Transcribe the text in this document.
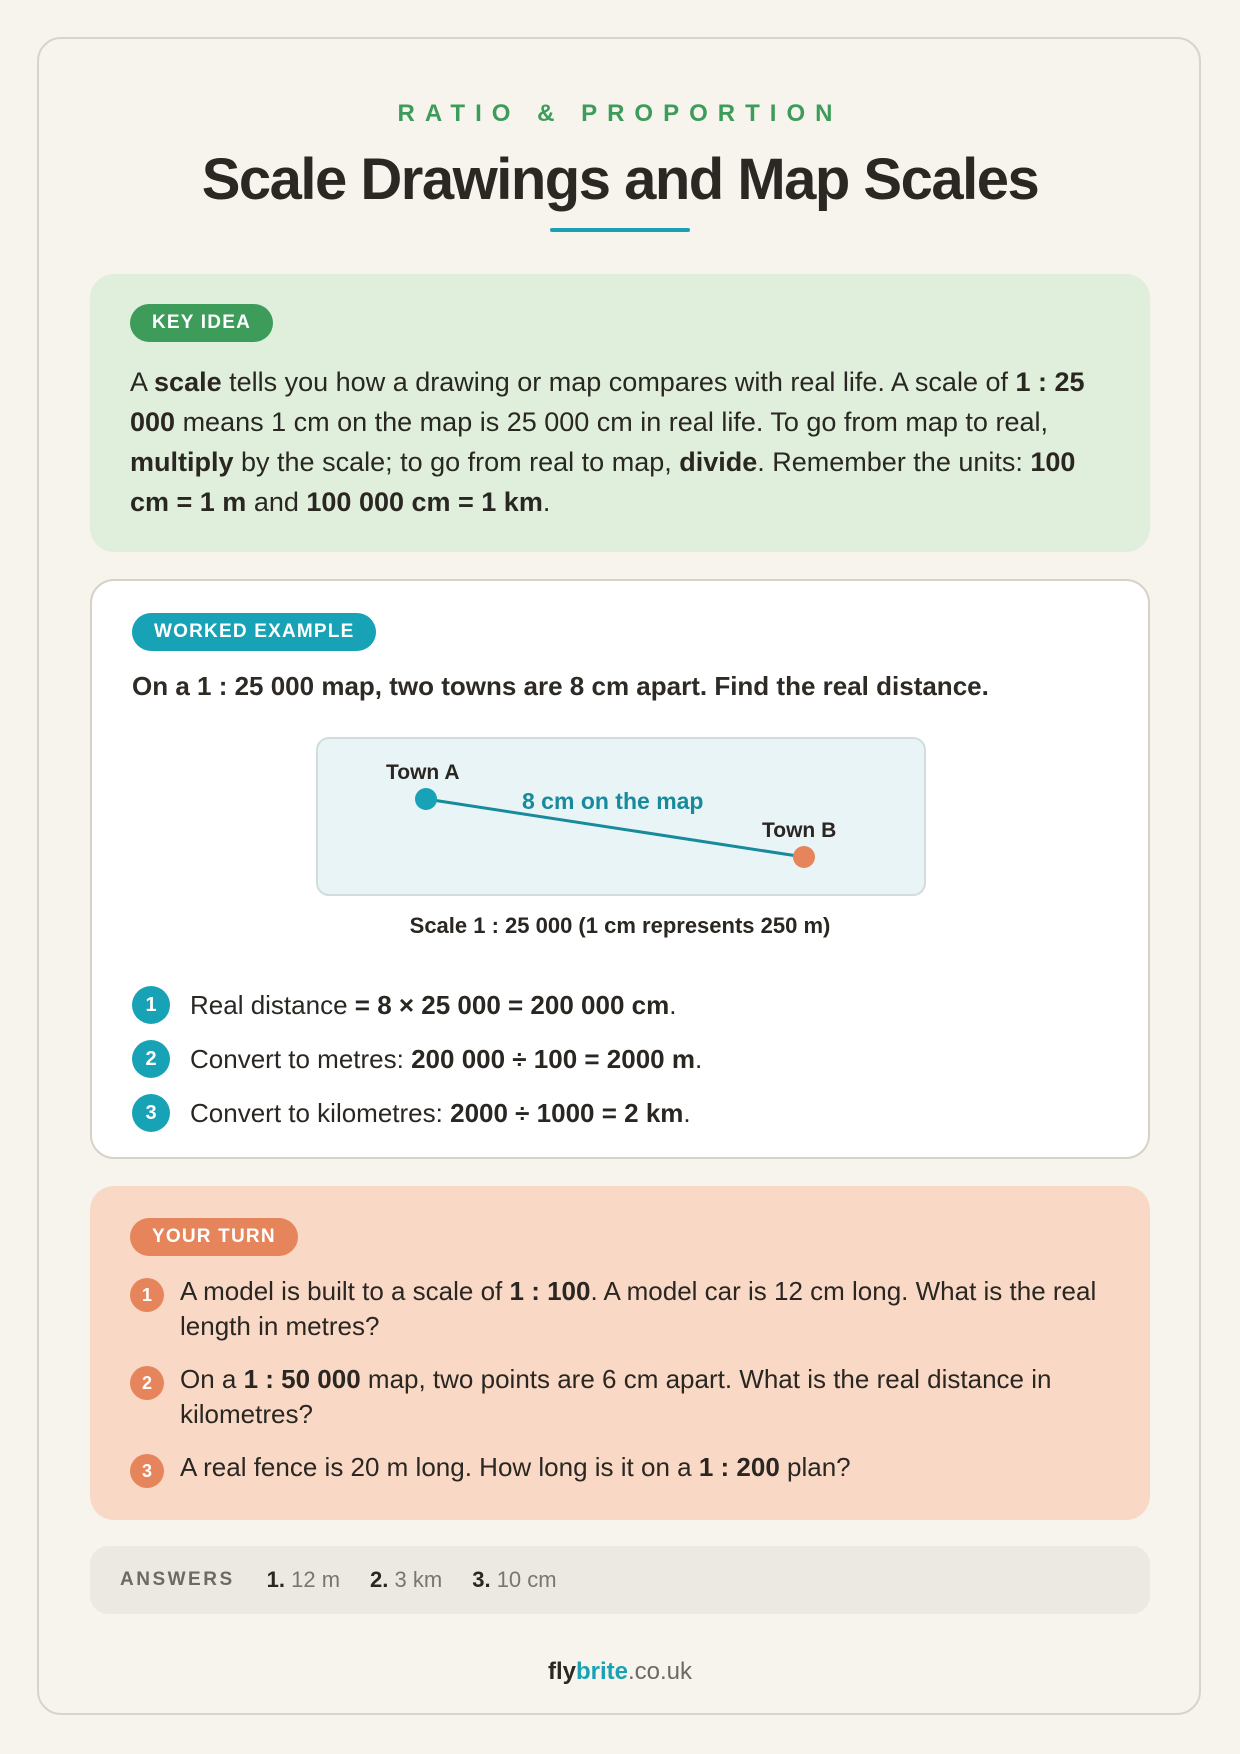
RATIO & PROPORTION
Scale Drawings and Map Scales
KEY IDEA

A scale tells you how a drawing or map compares with real life. A scale of 1 : 25 000 means 1 cm on the map is 25 000 cm in real life. To go from map to real, multiply by the scale; to go from real to map, divide. Remember the units: 100 cm = 1 m and 100 000 cm = 1 km.

WORKED EXAMPLE
On a 1 : 25 000 map, two towns are 8 cm apart. Find the real distance.
Town A
Town B
8 cm on the map
Scale 1 : 25 000 (1 cm represents 250 m)
1	Real distance
= 8 × 25 000 = 200 000 cm .
2	Convert to metres:
200 000 ÷ 100 = 2000 m .
3	Convert to kilometres:
2000 ÷ 1000 = 2 km .
YOUR TURN
1	A model is built to a scale of 1 : 100. A model car is 12 cm long. What is the real length in metres?
2	On a 1 : 50 000 map, two points are 6 cm apart. What is the real distance in kilometres?
3	A real fence is 20 m long. How long is it on a 1 : 200 plan?
ANSWERS 1. 12 m 2. 3 km 3. 10 cm
flybrite.co.uk
